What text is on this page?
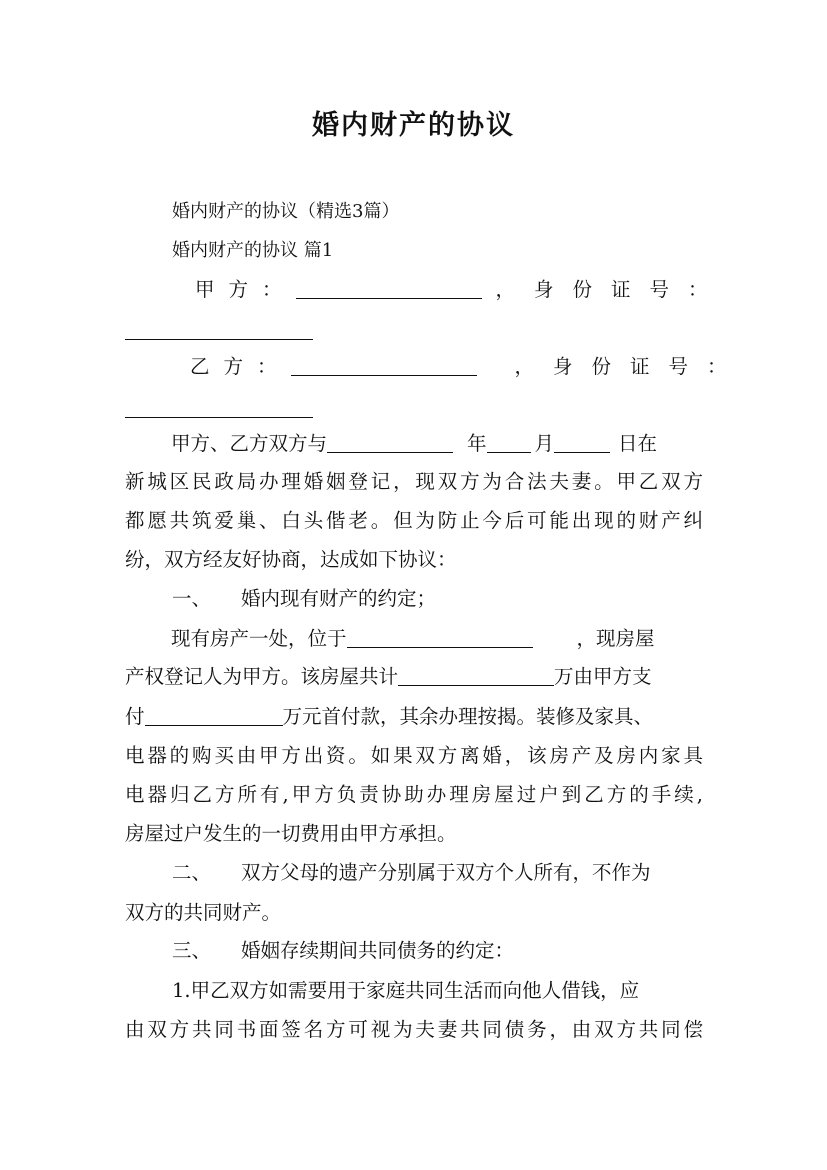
婚内财产的协议
婚内财产的协议（精选3篇）
婚内财产的协议 篇1
甲方：	，身份证号：
乙方：	，身份证号：
甲方、乙方双方与	年 月	日在
新城区民政局办理婚姻登记，现双方为合法夫妻。甲乙双方
都愿共筑爱巢、白头偕老。但为防止今后可能出现的财产纠
纷，双方经友好协商，达成如下协议：
一、 婚内现有财产的约定；
现有房产一处，位于	，现房屋
产权登记人为甲方。该房屋共计	万由甲方支
付	万元首付款，其余办理按揭。装修及家具、
电器的购买由甲方出资。如果双方离婚，该房产及房内家具
电器归乙方所有,甲方负责协助办理房屋过户到乙方的手续,
房屋过户发生的一切费用由甲方承担。
二、 双方父母的遗产分别属于双方个人所有，不作为
双方的共同财产。
三、 婚姻存续期间共同债务的约定：
1.甲乙双方如需要用于家庭共同生活而向他人借钱，应
由双方共同书面签名方可视为夫妻共同债务，由双方共同偿
